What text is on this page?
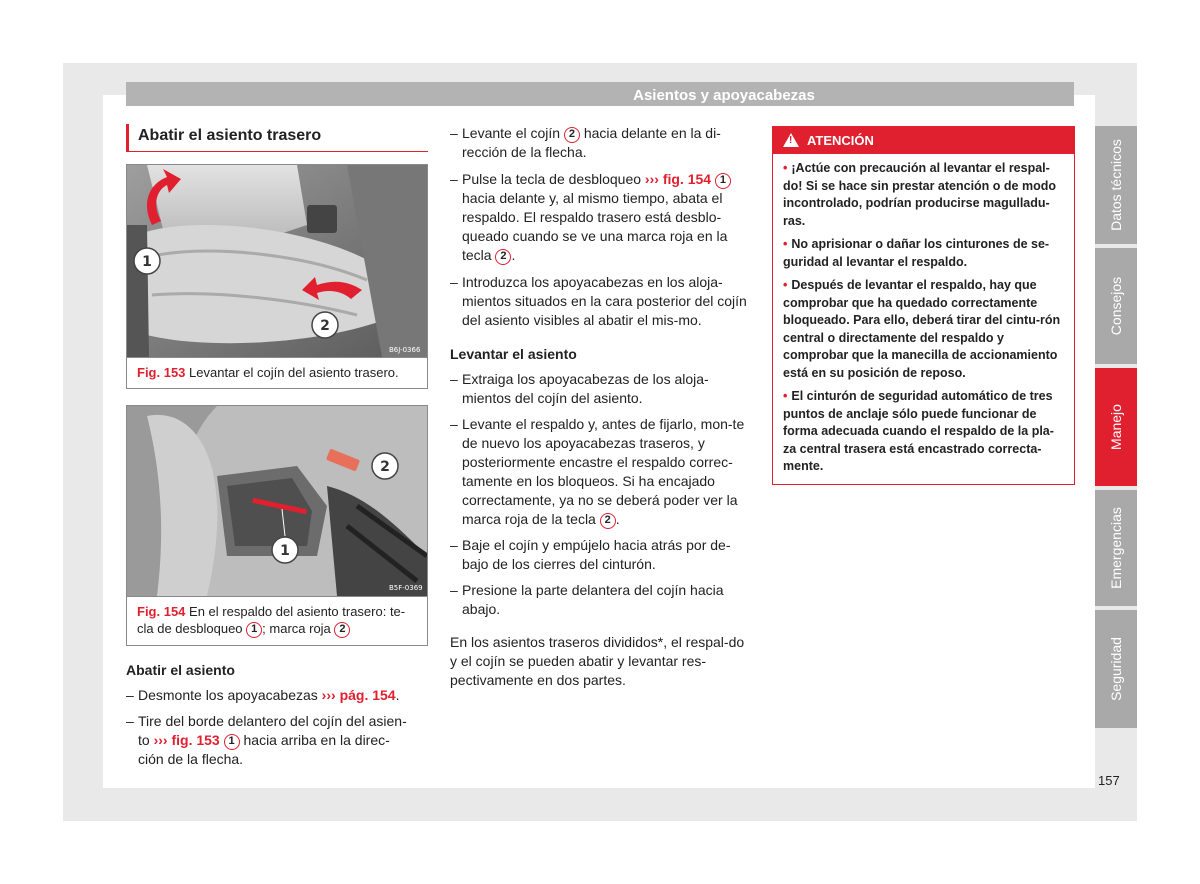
Asientos y apoyacabezas
Datos técnicos
Consejos
Manejo
Emergencias
Seguridad
Abatir el asiento trasero
1
2
B6J-0366
Fig. 153 Levantar el cojín del asiento trasero.
1
2
B5F-0369
Fig. 154 En el respaldo del asiento trasero: te-
cla de desbloqueo 1 ; marca roja 2
Abatir el asiento
– Desmonte los apoyacabezas ››› pág. 154.
– Tire del borde delantero del cojín del asien-
to ››› fig. 153 1 hacia arriba en la direc-
ción de la flecha.
– Levante el cojín 2 hacia delante en la di-
rección de la flecha.
– Pulse la tecla de desbloqueo ››› fig. 154 1 hacia delante y, al mismo tiempo, abata el respaldo. El respaldo trasero está desblo-queado cuando se ve una marca roja en la tecla 2 .
– Introduzca los apoyacabezas en los aloja-mientos situados en la cara posterior del cojín del asiento visibles al abatir el mis-mo.
Levantar el asiento
– Extraiga los apoyacabezas de los aloja-mientos del cojín del asiento.
– Levante el respaldo y, antes de fijarlo, mon-te de nuevo los apoyacabezas traseros, y posteriormente encastre el respaldo correc-tamente en los bloqueos. Si ha encajado correctamente, ya no se deberá poder ver la marca roja de la tecla 2 .
– Baje el cojín y empújelo hacia atrás por de-bajo de los cierres del cinturón.
– Presione la parte delantera del cojín hacia abajo.

En los asientos traseros divididos*, el respal-do y el cojín se pueden abatir y levantar res-pectivamente en dos partes.

!ATENCIÓN

• ¡Actúe con precaución al levantar el respal-do! Si se hace sin prestar atención o de modo incontrolado, podrían producirse magulladu-ras.

• No aprisionar o dañar los cinturones de se-guridad al levantar el respaldo.

• Después de levantar el respaldo, hay que comprobar que ha quedado correctamente bloqueado. Para ello, deberá tirar del cintu-rón central o directamente del respaldo y comprobar que la manecilla de accionamiento está en su posición de reposo.

• El cinturón de seguridad automático de tres puntos de anclaje sólo puede funcionar de forma adecuada cuando el respaldo de la pla-za central trasera está encastrado correcta-mente.

157
